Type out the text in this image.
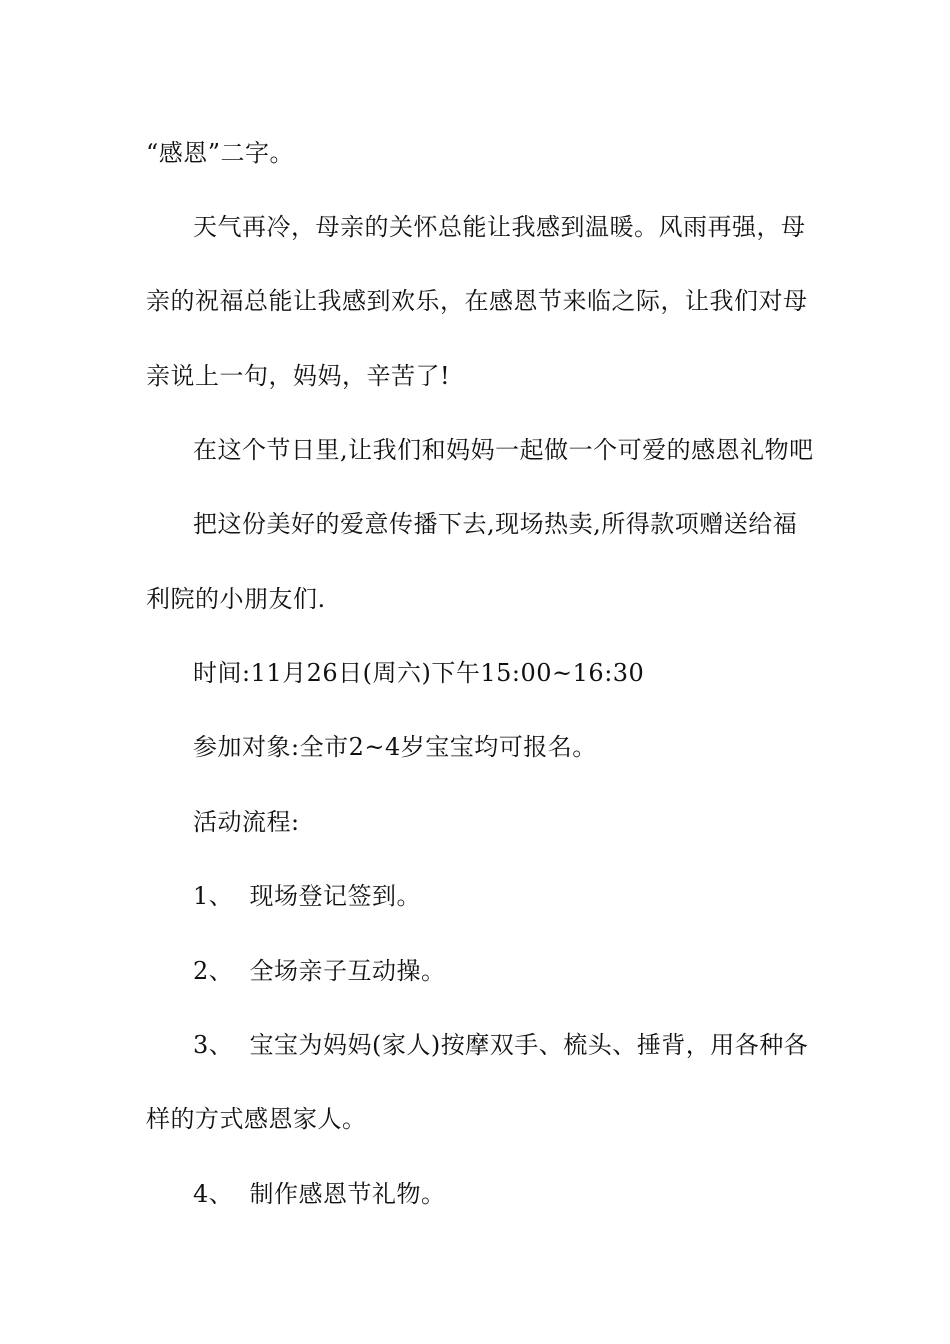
“感恩”二字。
天气再冷，母亲的关怀总能让我感到温暖。风雨再强，母
亲的祝福总能让我感到欢乐，在感恩节来临之际，让我们对母
亲说上一句，妈妈，辛苦了!
在这个节日里,让我们和妈妈一起做一个可爱的感恩礼物吧
把这份美好的爱意传播下去,现场热卖,所得款项赠送给福
利院的小朋友们.
时间:11月26日(周六)下午15:00~16:30
参加对象:全市2~4岁宝宝均可报名。
活动流程:
1、  现场登记签到。
2、  全场亲子互动操。
3、  宝宝为妈妈(家人)按摩双手、梳头、捶背，用各种各
样的方式感恩家人。
4、  制作感恩节礼物。
